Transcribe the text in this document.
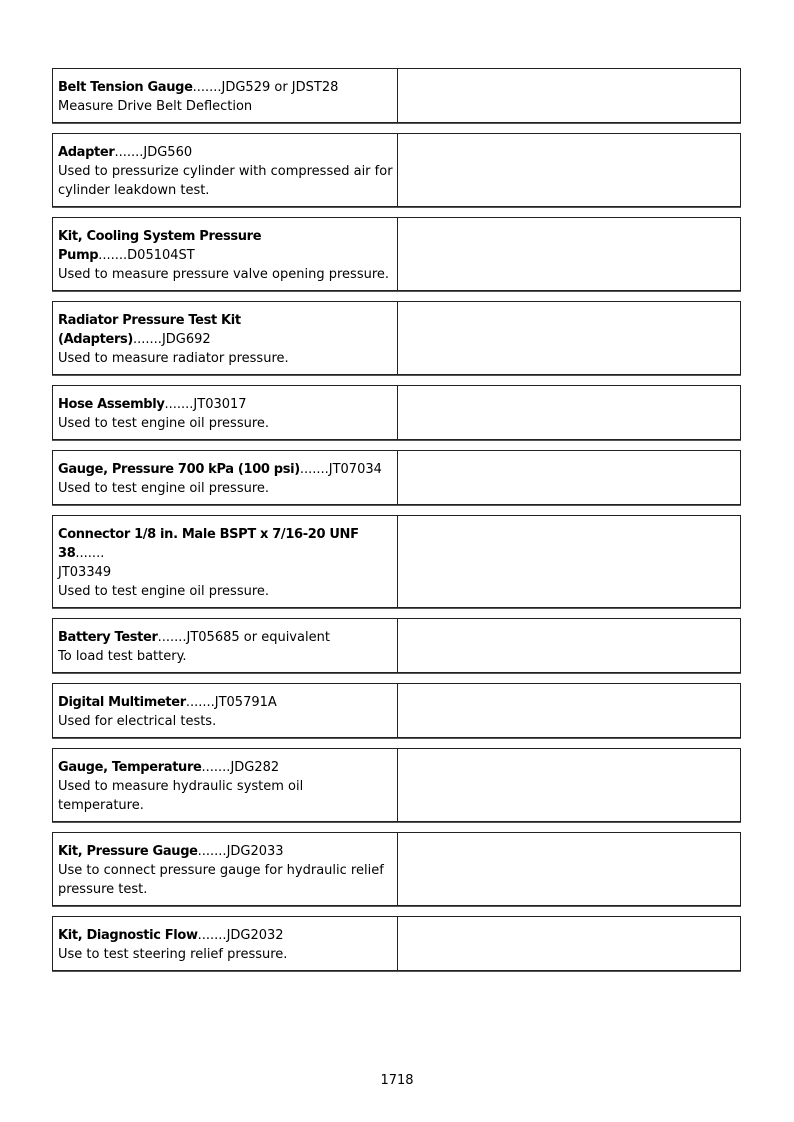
Belt Tension Gauge.......JDG529 or JDST28
Measure Drive Belt Deflection
Adapter.......JDG560
Used to pressurize cylinder with compressed air for cylinder leakdown test.
Kit, Cooling System Pressure Pump.......D05104ST
Used to measure pressure valve opening pressure.
Radiator Pressure Test Kit (Adapters).......JDG692
Used to measure radiator pressure.
Hose Assembly.......JT03017
Used to test engine oil pressure.
Gauge, Pressure 700 kPa (100 psi).......JT07034
Used to test engine oil pressure.
Connector 1/8 in. Male BSPT x 7/16-20 UNF 38.......
JT03349
Used to test engine oil pressure.
Battery Tester.......JT05685 or equivalent
To load test battery.
Digital Multimeter.......JT05791A
Used for electrical tests.
Gauge, Temperature.......JDG282
Used to measure hydraulic system oil temperature.
Kit, Pressure Gauge.......JDG2033
Use to connect pressure gauge for hydraulic relief pressure test.
Kit, Diagnostic Flow.......JDG2032
Use to test steering relief pressure.
1718
